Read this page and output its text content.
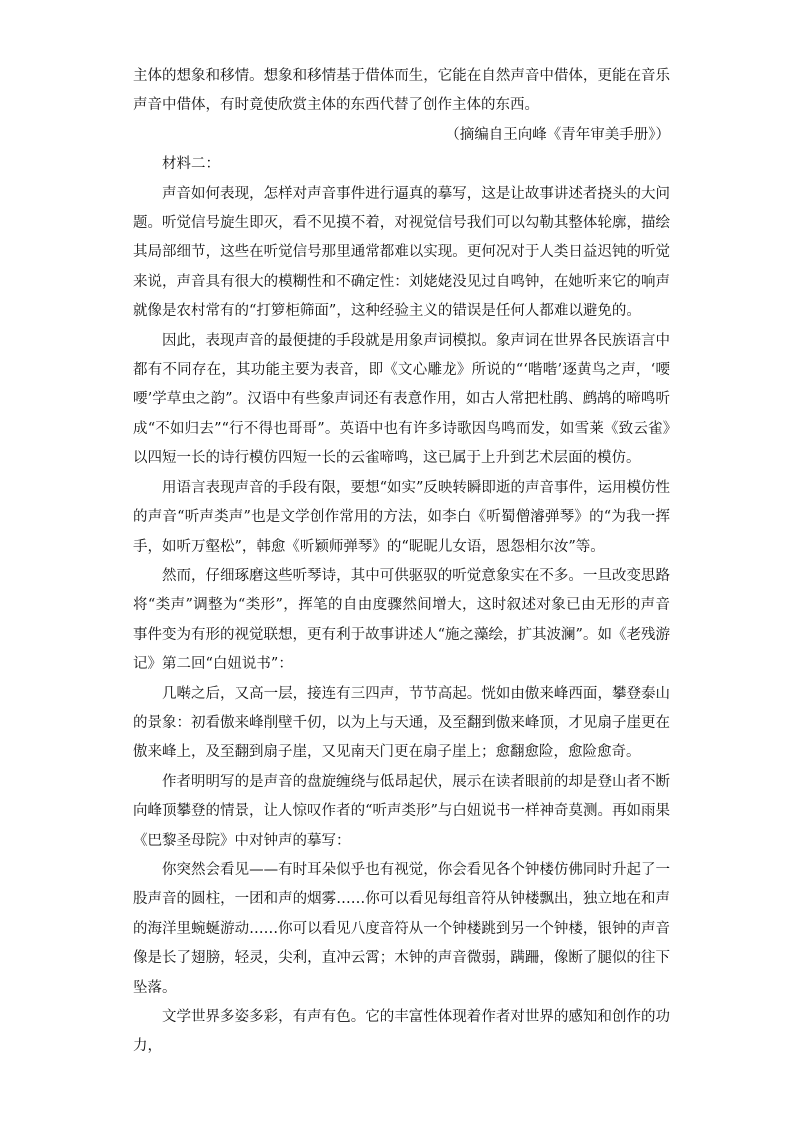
主体的想象和移情。想象和移情基于借体而生，它能在自然声音中借体，更能在音乐声音中借体，有时竟使欣赏主体的东西代替了创作主体的东西。

（摘编自王向峰《青年审美手册》）

材料二：

声音如何表现，怎样对声音事件进行逼真的摹写，这是让故事讲述者挠头的大问题。听觉信号旋生即灭，看不见摸不着，对视觉信号我们可以勾勒其整体轮廓，描绘其局部细节，这些在听觉信号那里通常都难以实现。更何况对于人类日益迟钝的听觉来说，声音具有很大的模糊性和不确定性：刘姥姥没见过自鸣钟，在她听来它的响声就像是农村常有的“打箩柜筛面”，这种经验主义的错误是任何人都难以避免的。

因此，表现声音的最便捷的手段就是用象声词模拟。象声词在世界各民族语言中都有不同存在，其功能主要为表音，即《文心雕龙》所说的“‘喈喈’逐黄鸟之声，‘喓喓’学草虫之韵”。汉语中有些象声词还有表意作用，如古人常把杜鹃、鹧鸪的啼鸣听成“不如归去”“行不得也哥哥”。英语中也有许多诗歌因鸟鸣而发，如雪莱《致云雀》以四短一长的诗行模仿四短一长的云雀啼鸣，这已属于上升到艺术层面的模仿。

用语言表现声音的手段有限，要想“如实”反映转瞬即逝的声音事件，运用模仿性的声音“听声类声”也是文学创作常用的方法，如李白《听蜀僧濬弹琴》的“为我一挥手，如听万壑松”，韩愈《听颖师弹琴》的“昵昵儿女语，恩怨相尔汝”等。

然而，仔细琢磨这些听琴诗，其中可供驱驭的听觉意象实在不多。一旦改变思路将“类声”调整为“类形”，挥笔的自由度骤然间增大，这时叙述对象已由无形的声音事件变为有形的视觉联想，更有利于故事讲述人“施之藻绘，扩其波澜”。如《老残游记》第二回“白妞说书”：

几啭之后，又高一层，接连有三四声，节节高起。恍如由傲来峰西面，攀登泰山的景象：初看傲来峰削壁千仞，以为上与天通，及至翻到傲来峰顶，才见扇子崖更在傲来峰上，及至翻到扇子崖，又见南天门更在扇子崖上；愈翻愈险，愈险愈奇。

作者明明写的是声音的盘旋缠绕与低昂起伏，展示在读者眼前的却是登山者不断向峰顶攀登的情景，让人惊叹作者的“听声类形”与白妞说书一样神奇莫测。再如雨果《巴黎圣母院》中对钟声的摹写：

你突然会看见——有时耳朵似乎也有视觉，你会看见各个钟楼仿佛同时升起了一股声音的圆柱，一团和声的烟雾……你可以看见每组音符从钟楼飘出，独立地在和声的海洋里蜿蜒游动……你可以看见八度音符从一个钟楼跳到另一个钟楼，银钟的声音像是长了翅膀，轻灵，尖利，直冲云霄；木钟的声音微弱，蹒跚，像断了腿似的往下坠落。

文学世界多姿多彩，有声有色。它的丰富性体现着作者对世界的感知和创作的功力，
